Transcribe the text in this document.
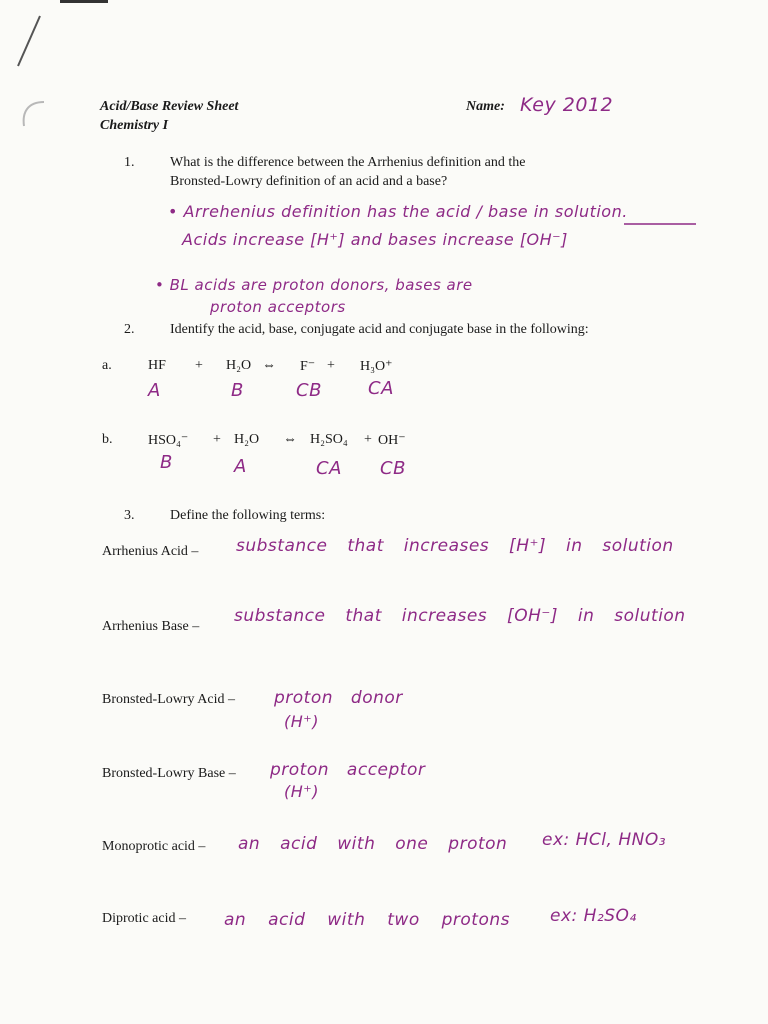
Acid/Base Review Sheet
Chemistry I
Name: Key 2012
1.	What is the difference between the Arrhenius definition and the
Bronsted-Lowry definition of an acid and a base?
• Arrehenius definition has the acid / base in solution.
Acids increase [H⁺] and bases increase [OH⁻]
• BL acids are proton donors, bases are
proton acceptors
2.	Identify the acid, base, conjugate acid and conjugate base in the following:
a.	HF + H₂O ⇔ F⁻ + H₃O⁺
A	B	CB	CA
b.	HSO₄⁻ + H₂O ⇔ H₂SO₄ + OH⁻
B	A	CA CB
3.	Define the following terms:
Arrhenius Acid – substance that increases [H⁺] in solution
Arrhenius Base –
substance that increases [OH⁻] in solution
Bronsted-Lowry Acid – proton donor
(H⁺)
Bronsted-Lowry Base – proton acceptor
(H⁺)
Monoprotic acid – an acid with one proton ex: HCl, HNO₃
Diprotic acid – an acid with two protons ex: H₂SO₄
